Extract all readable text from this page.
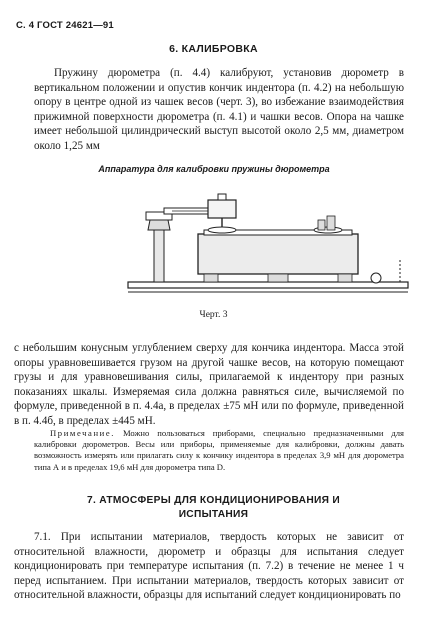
С. 4 ГОСТ 24621—91
6. КАЛИБРОВКА

Пружину дюрометра (п. 4.4) калибруют, установив дюрометр в вертикальном положении и опустив кончик индентора (п. 4.2) на небольшую опору в центре одной из чашек весов (черт. 3), во избежание взаимодействия прижимной поверхности дюрометра (п. 4.1) и чашки весов. Опора на чашке имеет небольшой цилиндрический выступ высотой около 2,5 мм, диаметром около 1,25 мм

Аппаратура для калибровки пружины дюрометра
Черт. 3
с небольшим конусным углублением сверху для кончика индентора. Масса этой опоры уравновешивается грузом на другой чашке весов, на которую помещают грузы и для уравновешивания силы, прилагаемой к индентору при разных показаниях шкалы. Измеряемая сила должна равняться силе, вычисляемой по формуле, приведенной в п. 4.4а, в пределах ±75 мН или по формуле, приведенной в п. 4.4б, в пределах ±445 мН.
Примечание. Можно пользоваться приборами, специально предназначенными для калибровки дюрометров. Весы или приборы, применяемые для калибровки, должны давать возможность измерять или прилагать силу к кончику индентора в пределах 3,9 мН для дюрометра типа А и в пределах 19,6 мН для дюрометра типа D.
7. АТМОСФЕРЫ ДЛЯ КОНДИЦИОНИРОВАНИЯ И
ИСПЫТАНИЯ

7.1. При испытании материалов, твердость которых не зависит от относительной влажности, дюрометр и образцы для испытания следует кондиционировать при температуре испытания (п. 7.2) в течение не менее 1 ч перед испытанием. При испытании материалов, твердость которых зависит от относительной влажности, образцы для испытаний следует кондиционировать по
